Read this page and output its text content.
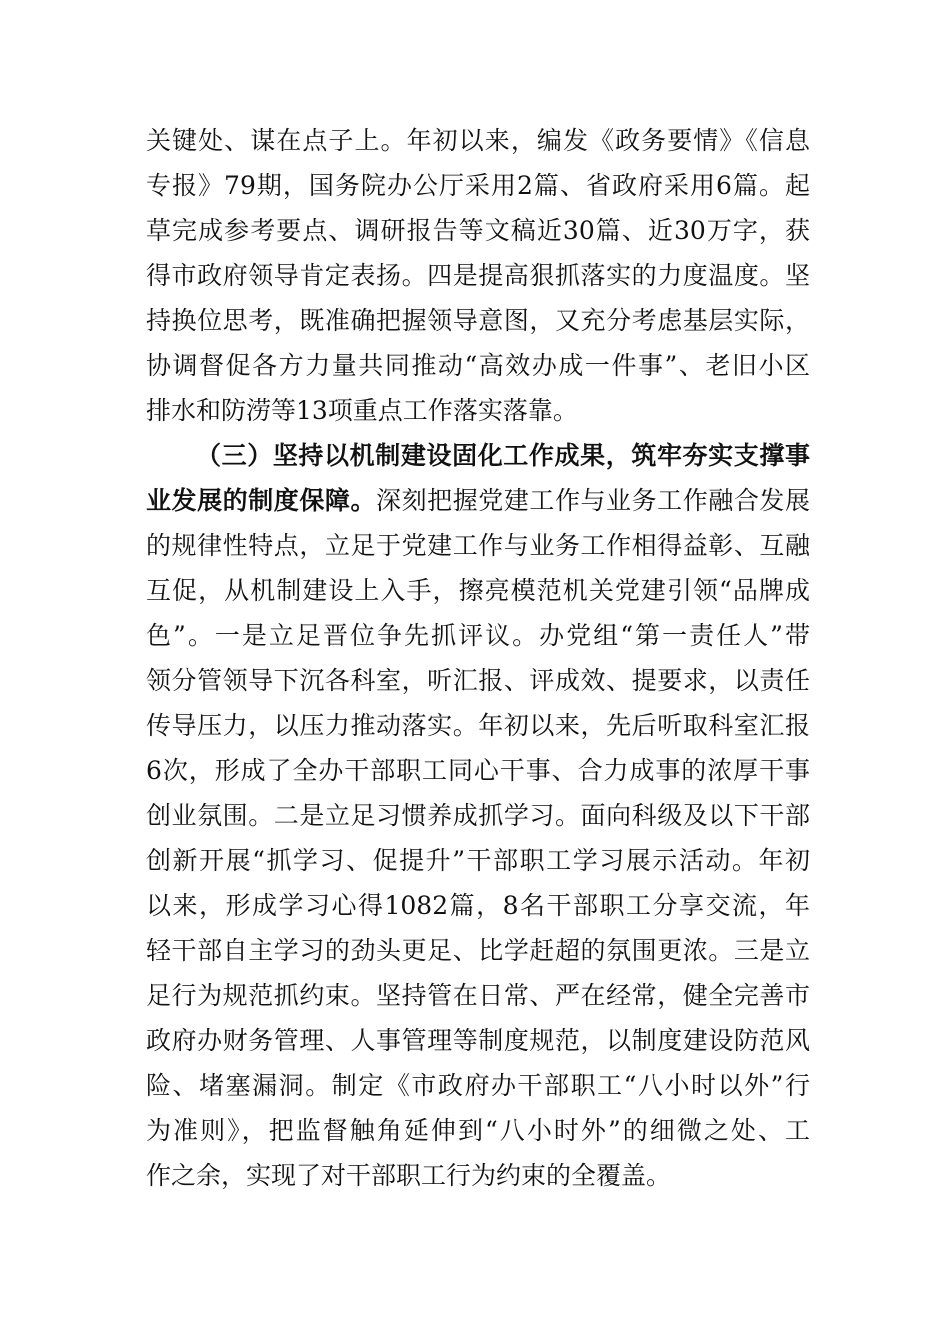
关键处、谋在点子上。年初以来，编发《政务要情》《信息
专报》79期，国务院办公厅采用2篇、省政府采用6篇。起
草完成参考要点、调研报告等文稿近30篇、近30万字，获
得市政府领导肯定表扬。四是提高狠抓落实的力度温度。坚
持换位思考，既准确把握领导意图，又充分考虑基层实际，
协调督促各方力量共同推动“高效办成一件事”、老旧小区
排水和防涝等13项重点工作落实落靠。
（三）坚持以机制建设固化工作成果，筑牢夯实支撑事
业发展的制度保障。深刻把握党建工作与业务工作融合发展
的规律性特点，立足于党建工作与业务工作相得益彰、互融
互促，从机制建设上入手，擦亮模范机关党建引领“品牌成
色”。一是立足晋位争先抓评议。办党组“第一责任人”带
领分管领导下沉各科室，听汇报、评成效、提要求，以责任
传导压力，以压力推动落实。年初以来，先后听取科室汇报
6次，形成了全办干部职工同心干事、合力成事的浓厚干事
创业氛围。二是立足习惯养成抓学习。面向科级及以下干部
创新开展“抓学习、促提升”干部职工学习展示活动。年初
以来，形成学习心得1082篇，8名干部职工分享交流，年
轻干部自主学习的劲头更足、比学赶超的氛围更浓。三是立
足行为规范抓约束。坚持管在日常、严在经常，健全完善市
政府办财务管理、人事管理等制度规范，以制度建设防范风
险、堵塞漏洞。制定《市政府办干部职工“八小时以外”行
为准则》，把监督触角延伸到“八小时外”的细微之处、工
作之余，实现了对干部职工行为约束的全覆盖。
